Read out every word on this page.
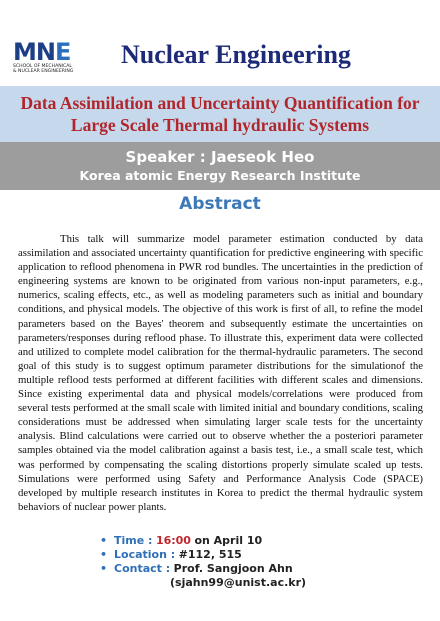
MNE
SCHOOL OF MECHANICAL
& NUCLEAR ENGINEERING
Nuclear Engineering
Data Assimilation and Uncertainty Quantification for
Large Scale Thermal hydraulic Systems
Speaker : Jaeseok Heo
Korea atomic Energy Research Institute
Abstract

This talk will summarize model parameter estimation conducted by data assimilation and associated uncertainty quantification for predictive engineering with specific application to reflood phenomena in PWR rod bundles. The uncertainties in the prediction of engineering systems are known to be originated from various non-input parameters, e.g., numerics, scaling effects, etc., as well as modeling parameters such as initial and boundary conditions, and physical models. The objective of this work is first of all, to refine the model parameters based on the Bayes' theorem and subsequently estimate the uncertainties on parameters/responses during reflood phase. To illustrate this, experiment data were collected and utilized to complete model calibration for the thermal-hydraulic parameters. The second goal of this study is to suggest optimum parameter distributions for the simulationof the multiple reflood tests performed at different facilities with different scales and dimensions. Since existing experimental data and physical models/correlations were produced from several tests performed at the small scale with limited initial and boundary conditions, scaling considerations must be addressed when simulating larger scale tests for the uncertainty analysis. Blind calculations were carried out to observe whether the a posteriori parameter samples obtained via the model calibration against a basis test, i.e., a small scale test, which was performed by compensating the scaling distortions properly simulate scaled up tests. Simulations were performed using Safety and Performance Analysis Code (SPACE) developed by multiple research institutes in Korea to predict the thermal hydraulic system behaviors of nuclear power plants.

• Time : 16:00 on April 10
• Location : #112, 515
• Contact : Prof. Sangjoon Ahn
(sjahn99@unist.ac.kr)
